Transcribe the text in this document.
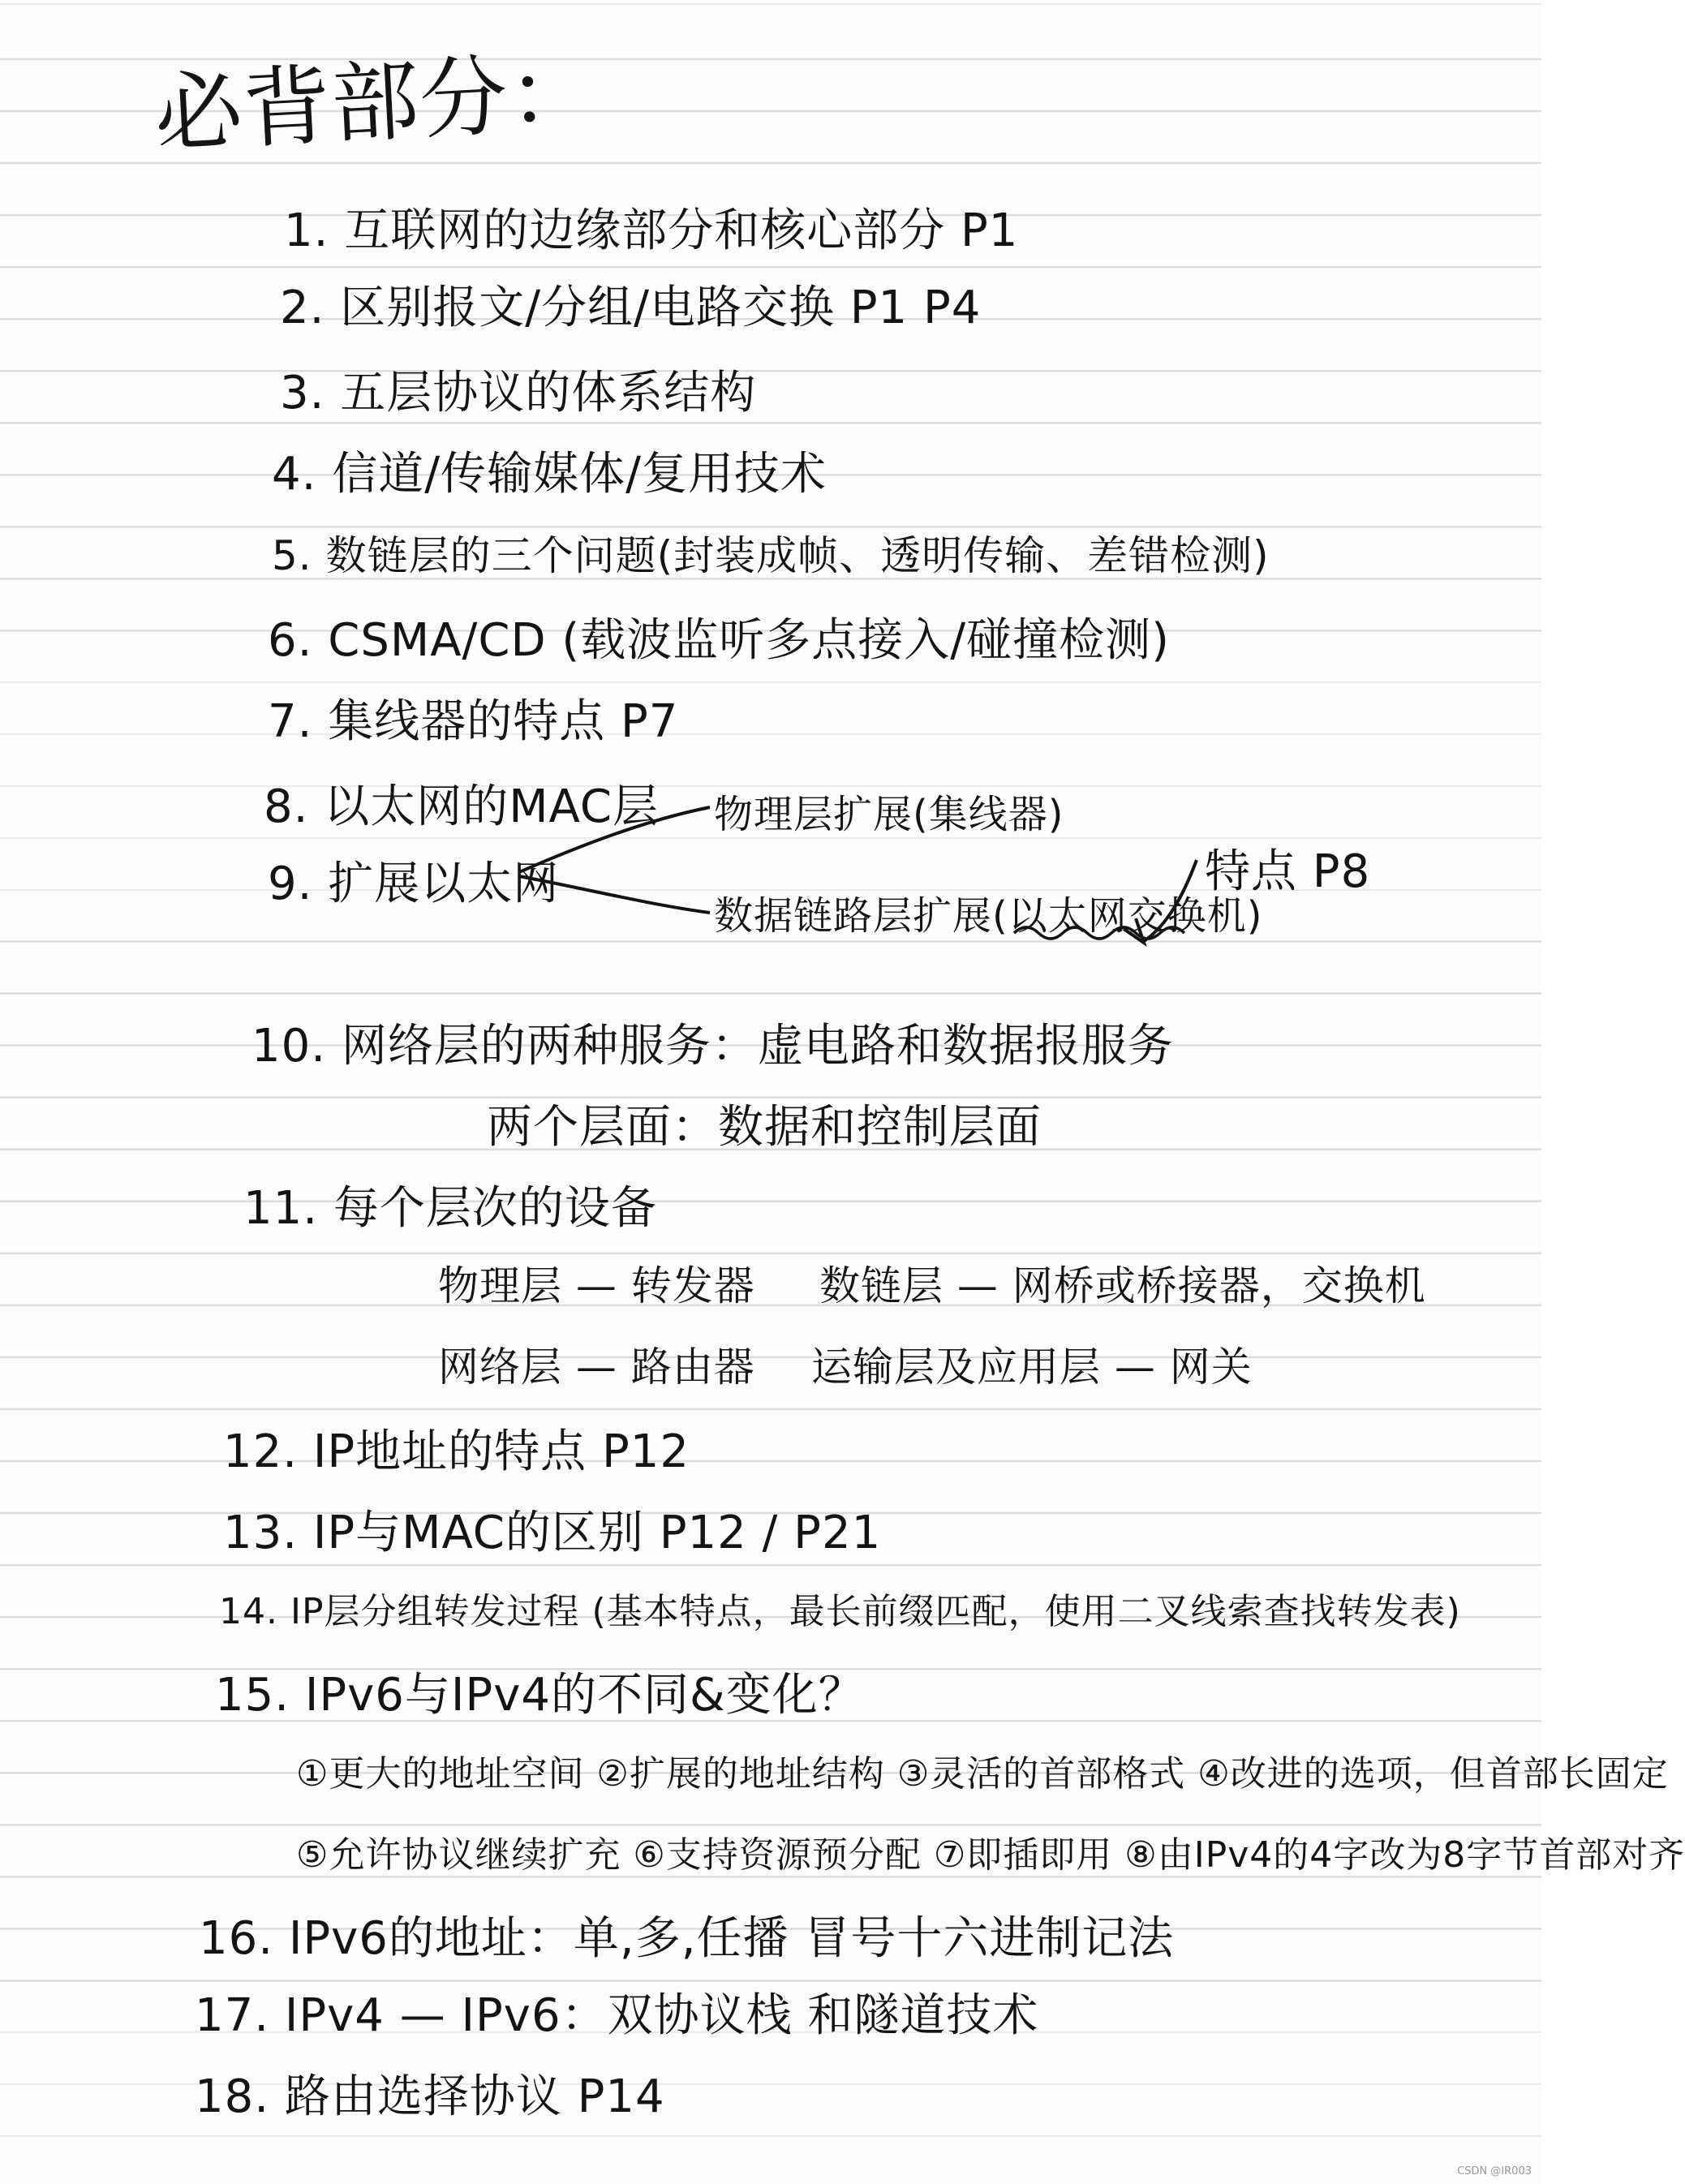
必背部分：
1. 互联网的边缘部分和核心部分 P1
2. 区别报文/分组/电路交换 P1 P4
3. 五层协议的体系结构
4. 信道/传输媒体/复用技术
5. 数链层的三个问题(封装成帧、透明传输、差错检测)
6. CSMA/CD (载波监听多点接入/碰撞检测)
7. 集线器的特点 P7
8. 以太网的MAC层
9. 扩展以太网
物理层扩展(集线器)
数据链路层扩展(以太网交换机)
特点 P8
10. 网络层的两种服务：虚电路和数据报服务
两个层面：数据和控制层面
11. 每个层次的设备
物理层 — 转发器 数链层 — 网桥或桥接器，交换机
网络层 — 路由器 运输层及应用层 — 网关
12. IP地址的特点 P12
13. IP与MAC的区别 P12 / P21
14. IP层分组转发过程 (基本特点，最长前缀匹配，使用二叉线索查找转发表)
15. IPv6与IPv4的不同&变化？
①更大的地址空间 ②扩展的地址结构 ③灵活的首部格式 ④改进的选项，但首部长固定
⑤允许协议继续扩充 ⑥支持资源预分配 ⑦即插即用 ⑧由IPv4的4字改为8字节首部对齐
16. IPv6的地址：单,多,任播 冒号十六进制记法
17. IPv4 — IPv6：双协议栈 和隧道技术
18. 路由选择协议 P14
CSDN @IR003
